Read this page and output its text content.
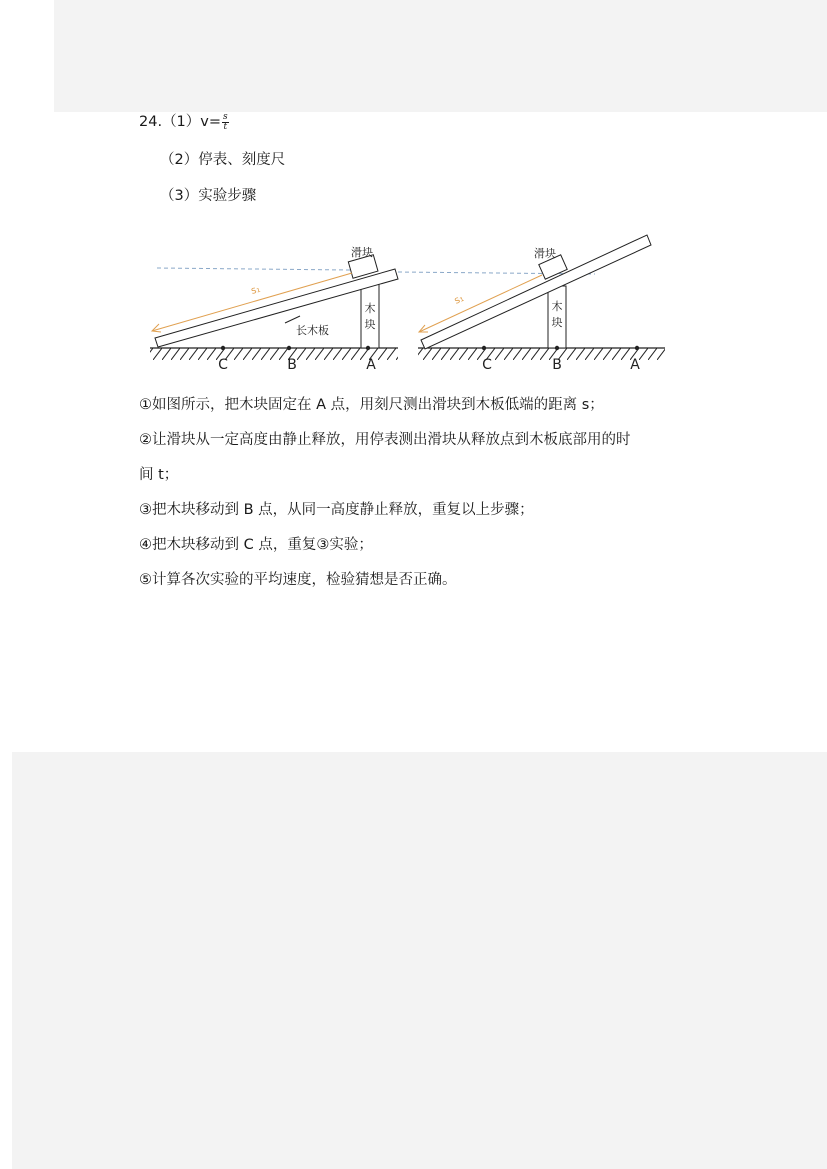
$24.(1)v= \frac{s}{t}$
（2）停表、刻度尺
（3）实验步骤
木
块
滑块
s₁
长木板
C	B	A
木
块
滑块
s₁
C	B	A
①如图所示，把木块固定在 A 点，用刻尺测出滑块到木板低端的距离 s；
②让滑块从一定高度由静止释放，用停表测出滑块从释放点到木板底部用的时
间 t；
③把木块移动到 B 点，从同一高度静止释放，重复以上步骤；
④把木块移动到 C 点，重复③实验；
⑤计算各次实验的平均速度，检验猜想是否正确。
